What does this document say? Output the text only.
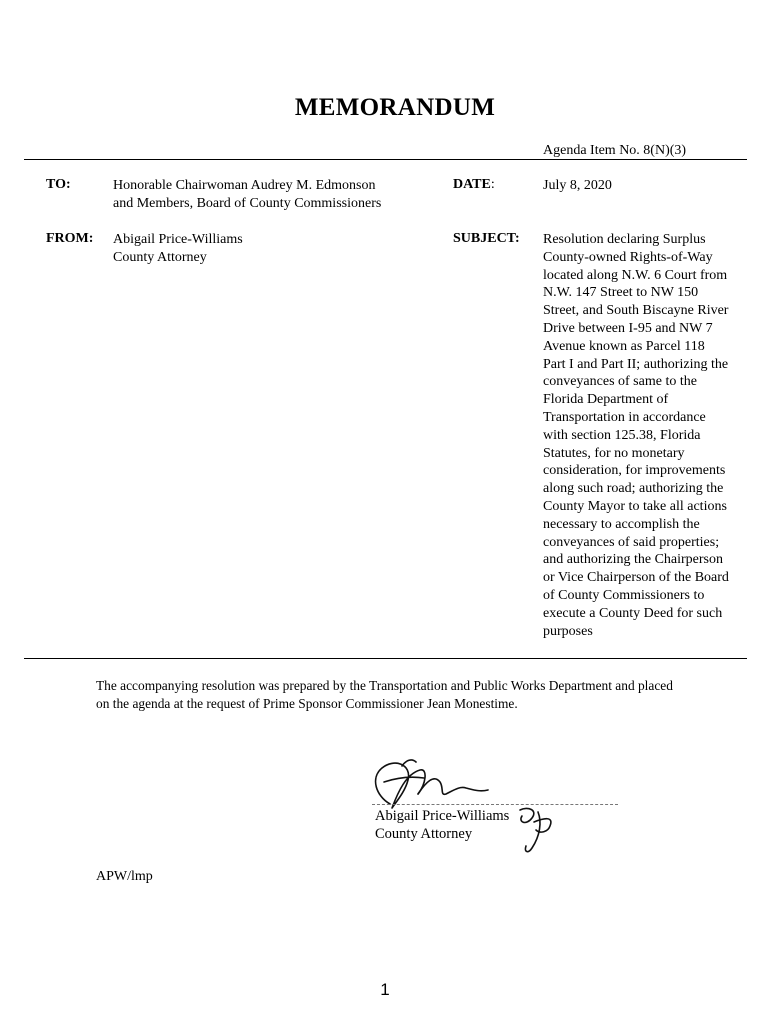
MEMORANDUM
Agenda Item No. 8(N)(3)
TO:	Honorable Chairwoman Audrey M. Edmonson
and Members, Board of County Commissioners
DATE:	July 8, 2020
FROM: Abigail Price-Williams
County Attorney
SUBJECT: Resolution declaring Surplus
County-owned Rights-of-Way
located along N.W. 6 Court from
N.W. 147 Street to NW 150
Street, and South Biscayne River
Drive between I-95 and NW 7
Avenue known as Parcel 118
Part I and Part II; authorizing the
conveyances of same to the
Florida Department of
Transportation in accordance
with section 125.38, Florida
Statutes, for no monetary
consideration, for improvements
along such road; authorizing the
County Mayor to take all actions
necessary to accomplish the
conveyances of said properties;
and authorizing the Chairperson
or Vice Chairperson of the Board
of County Commissioners to
execute a County Deed for such
purposes
The accompanying resolution was prepared by the Transportation and Public Works Department and placed
on the agenda at the request of Prime Sponsor Commissioner Jean Monestime.
Abigail Price-Williams
County Attorney
APW/lmp
1
